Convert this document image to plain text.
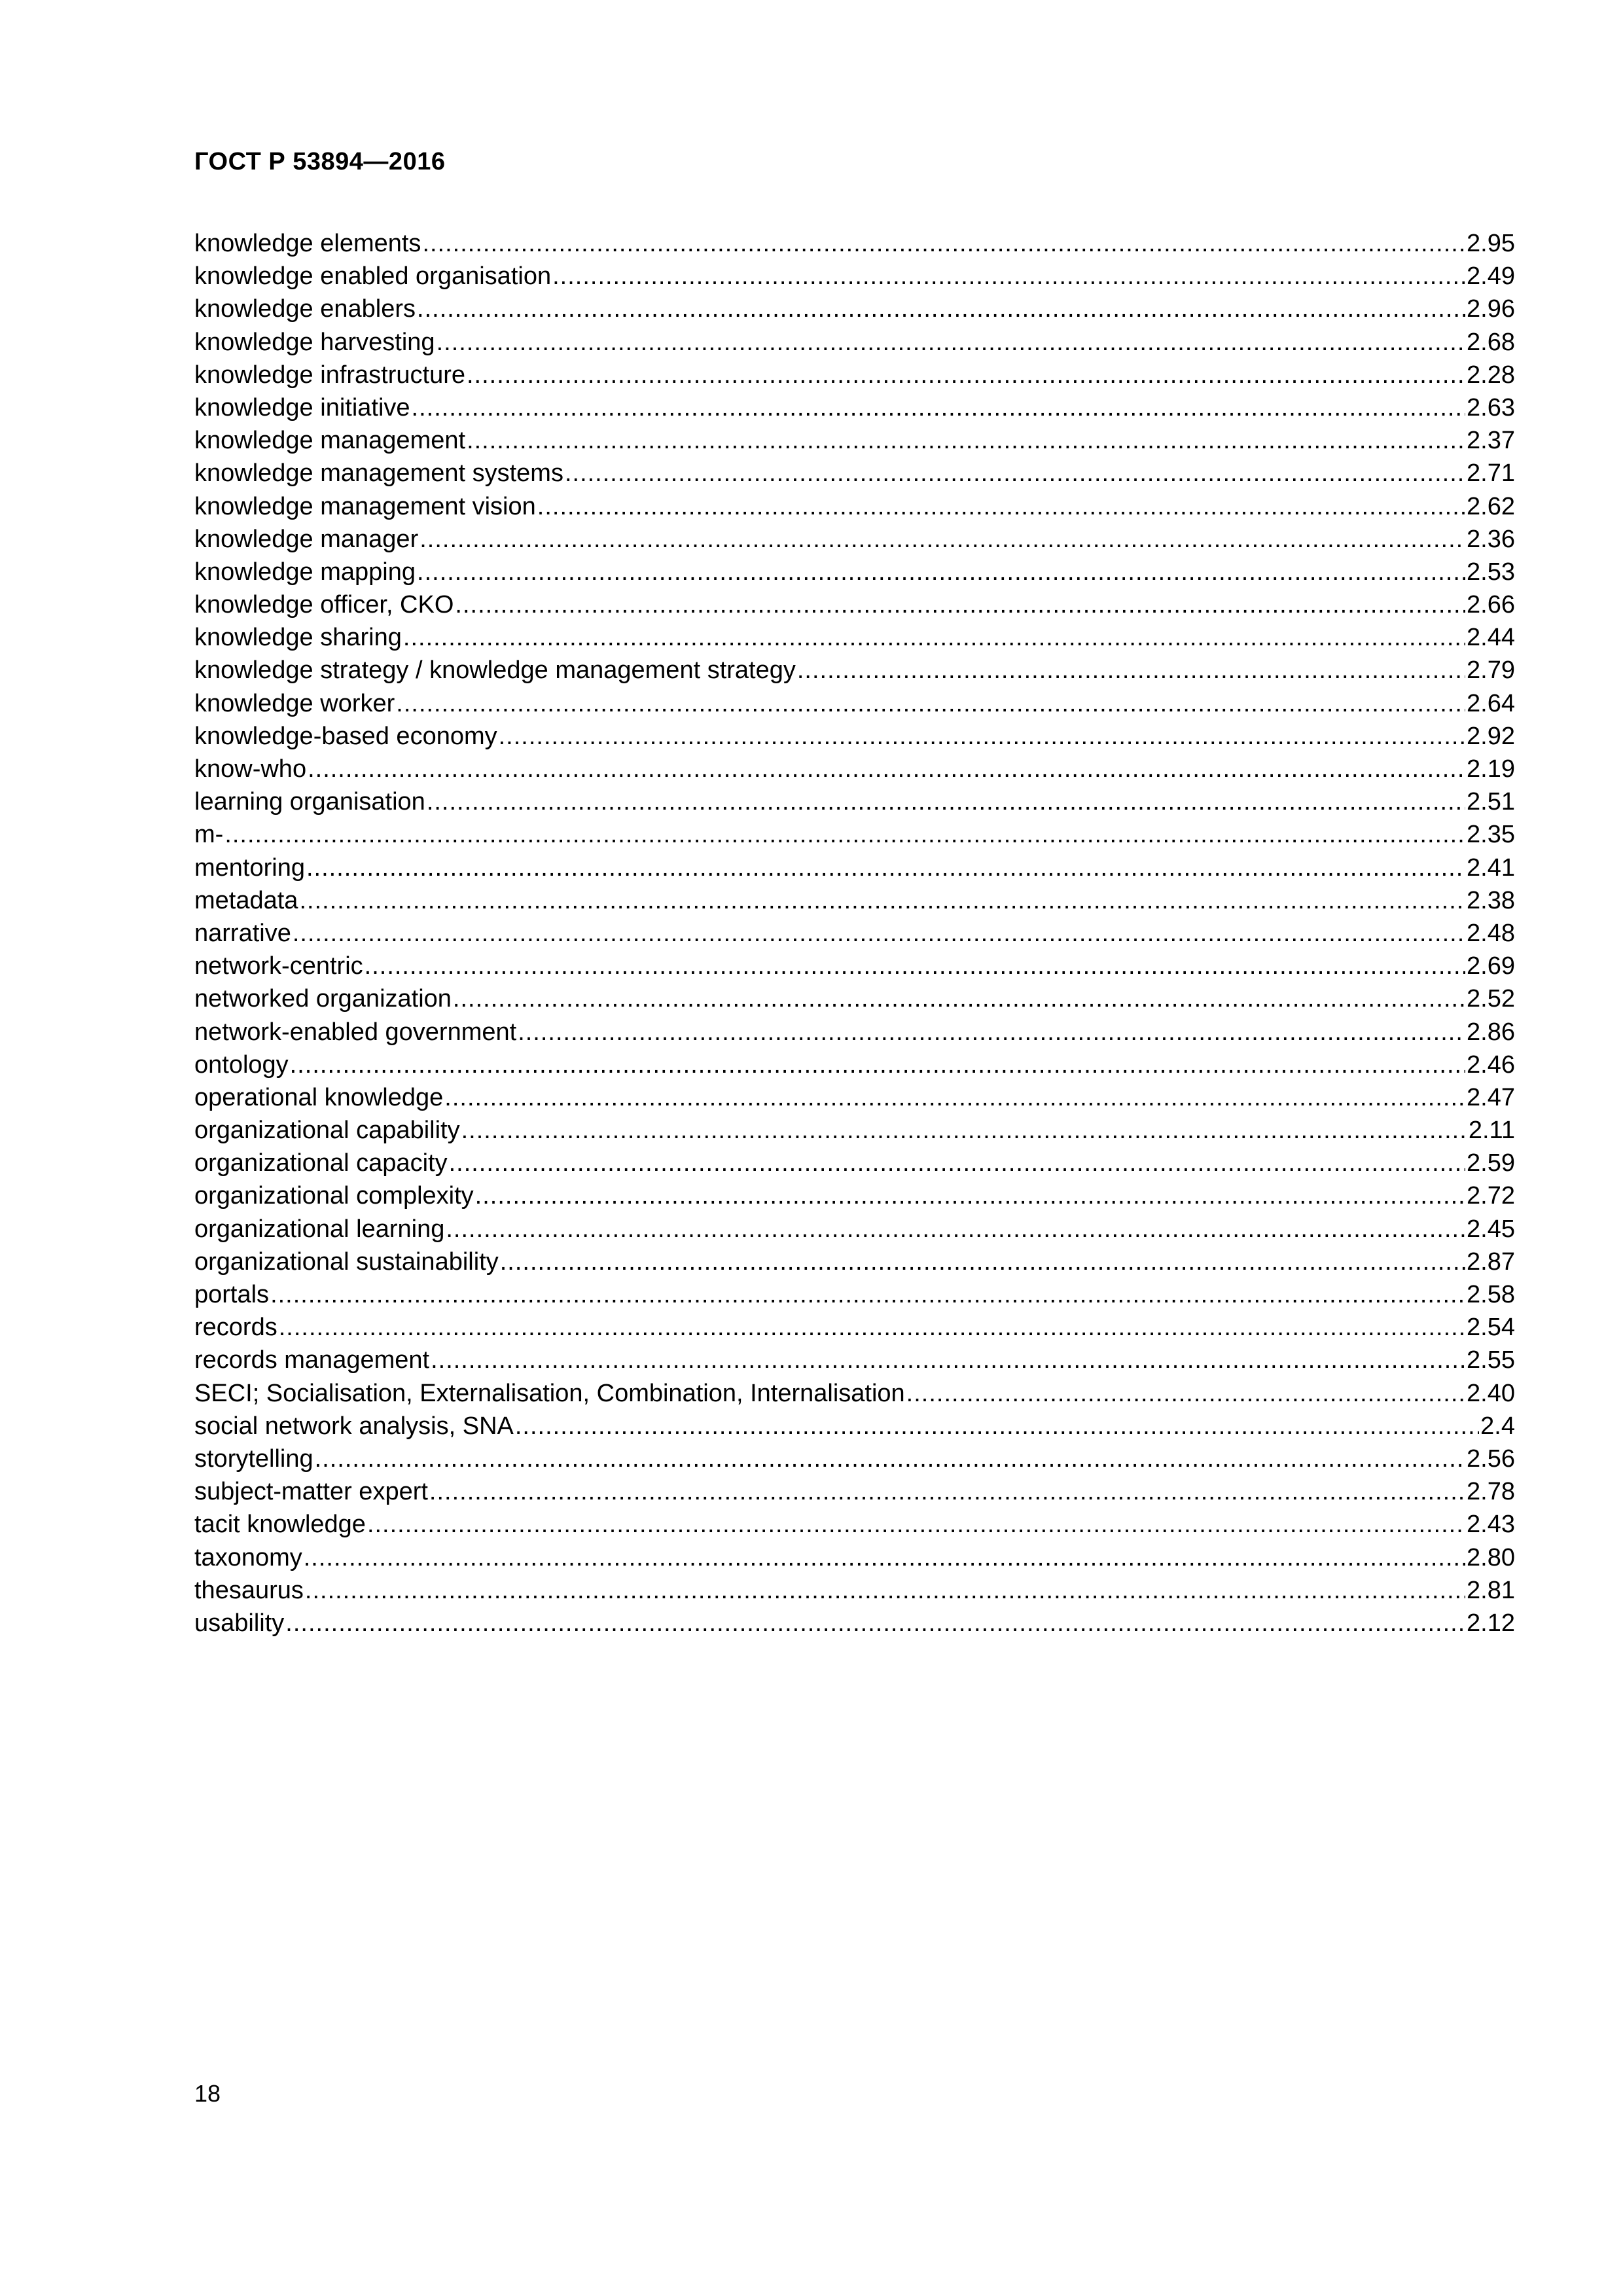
ГОСТ Р 53894—2016
knowledge elements .....	2.95
knowledge enabled organisation .....	2.49
knowledge enablers .....	2.96
knowledge harvesting .....	2.68
knowledge infrastructure .....	2.28
knowledge initiative .....	2.63
knowledge management .....	2.37
knowledge management systems .....	2.71
knowledge management vision .....	2.62
knowledge manager .....	2.36
knowledge mapping .....	2.53
knowledge officer, CKO .....	2.66
knowledge sharing .....	2.44
knowledge strategy / knowledge management strategy .....	2.79
knowledge worker .....	2.64
knowledge-based economy .....	2.92
know-who .....	2.19
learning organisation .....	2.51
m- .....	2.35
mentoring .....	2.41
metadata .....	2.38
narrative .....	2.48
network-centric .....	2.69
networked organization .....	2.52
network-enabled government .....	2.86
ontology .....	2.46
operational knowledge .....	2.47
organizational capability .....	2.11
organizational capacity .....	2.59
organizational complexity .....	2.72
organizational learning .....	2.45
organizational sustainability .....	2.87
portals .....	2.58
records .....	2.54
records management .....	2.55
SECI; Socialisation, Externalisation, Combination, Internalisation .....	2.40
social network analysis, SNA .....	2.4
storytelling .....	2.56
subject-matter expert .....	2.78
tacit knowledge .....	2.43
taxonomy .....	2.80
thesaurus .....	2.81
usability .....	2.12
18
